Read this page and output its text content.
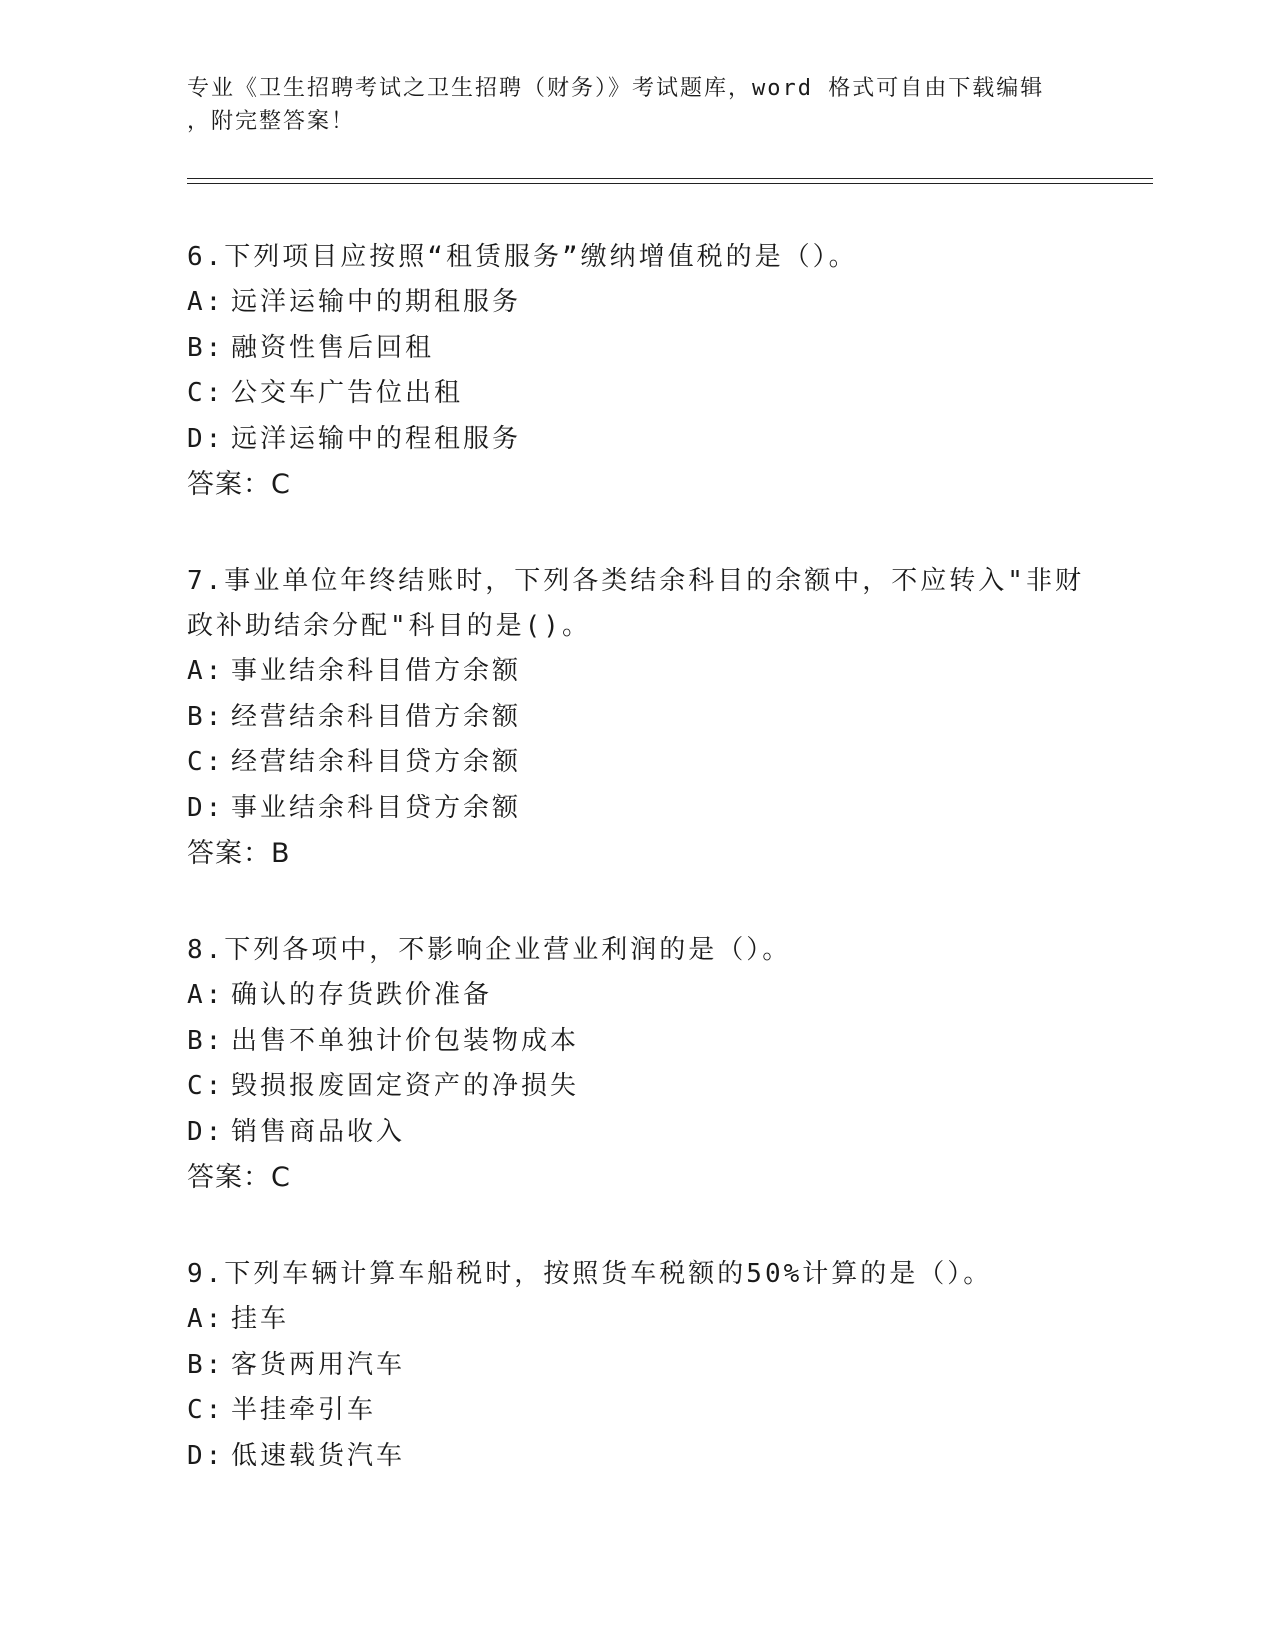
专业《卫生招聘考试之卫生招聘（财务）》考试题库，word 格式可自由下载编辑
，附完整答案！
6.下列项目应按照“租赁服务”缴纳增值税的是（）。
A: 远洋运输中的期租服务
B: 融资性售后回租
C: 公交车广告位出租
D: 远洋运输中的程租服务
答案：C
7.事业单位年终结账时，下列各类结余科目的余额中，不应转入"非财
政补助结余分配"科目的是()。
A: 事业结余科目借方余额
B: 经营结余科目借方余额
C: 经营结余科目贷方余额
D: 事业结余科目贷方余额
答案：B
8.下列各项中，不影响企业营业利润的是（）。
A: 确认的存货跌价准备
B: 出售不单独计价包装物成本
C: 毁损报废固定资产的净损失
D: 销售商品收入
答案：C
9.下列车辆计算车船税时，按照货车税额的50%计算的是（）。
A: 挂车
B: 客货两用汽车
C: 半挂牵引车
D: 低速载货汽车
